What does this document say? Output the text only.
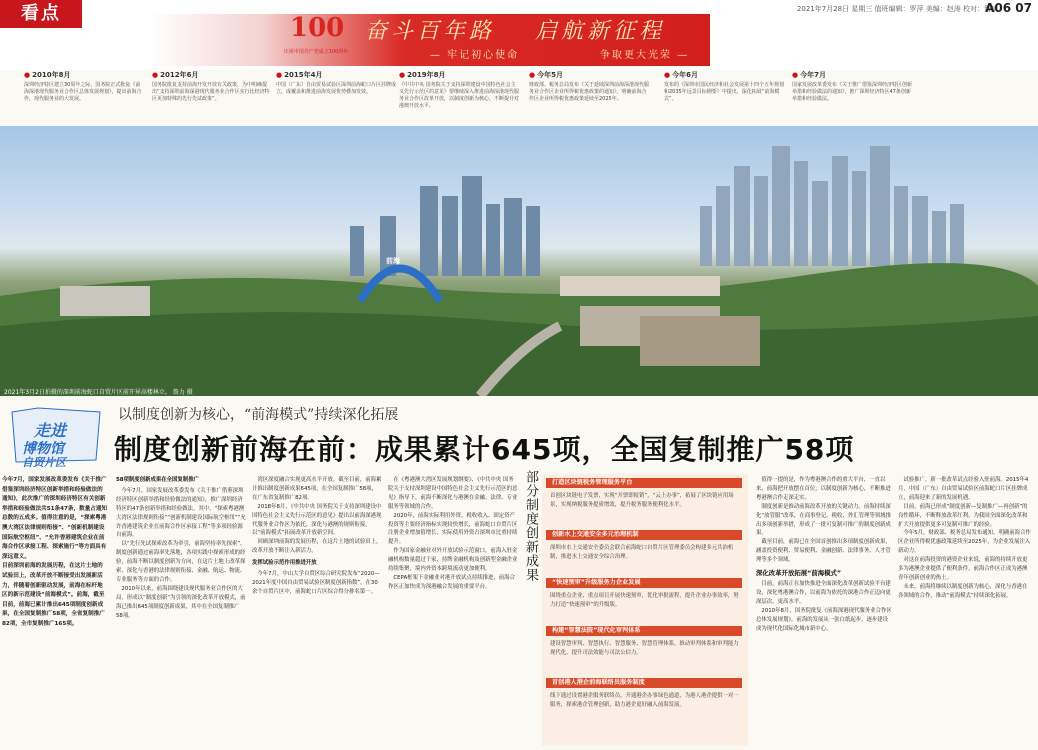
看点	100
庆祝中国共产党成立100周年
奋斗百年路 启航新征程
— 牢记初心使命	争取更大光荣 —
2021年7月28日 星期三 值班编辑：罗萍 美编：赵涛 校对：智斌
A06 07
● 2010年8月
深圳经济特区建立30周年之际，国务院正式批复《前海深港现代服务业合作区总体发展规划》，提出前海合作，现代服务业的大发展。
● 2012年6月
国务院批复支持前海开发开放有关政策，为中明确提出“支持深圳前海深港现代服务业合作区实行比经济特区更加特殊的先行先试政策”。
● 2015年4月
中国（广东）自由贸易试验区深圳前海蛇口片区挂牌成立，成覆盖和推进前海发展优势叠加发效。
● 2019年8月
《中共中央 国务院关于支持深圳建设中国特色社会主义先行示范区的意见》要继续深入推进前海深港现代服务业合作区改革开放，以制度创新为核心，不断提升对港澳开放水平。
● 今年5月
财政部、税务总局发布《关于延续深圳前海深港现代服务业合作区企业所得税优惠政策的通知》，明确前海合作区企业所得税优惠政策延续至2025年。
● 今年6月
发布的《深圳市国民经济和社会发展第十四个五年规划和2035年远景目标纲要》中提出，深化拓展“前海模式”。
● 今年7月
国家发展改革委发布《关于推广借鉴深圳经济特区创新举措和经验做法的通知》，推广深圳经济特区47条创新举措和经验做法。
2021年3月2日拍摄的深圳前海蛇口自贸片区前开异高楼林立。 詹力 摄
前海
走进
博物馆
自贸片区

今年7月，国家发展改革委发布《关于推广借鉴深圳经济特区创新举措和经验做法的通知》，此次推广的深圳经济特区有关创新举措和经验做法共51条47条，数量占通知总数的五成多。值得注意的是，“探索粤港澳大湾区法律规则衔接”、“创新机制建设国际航空枢纽”、“允许香港建筑企业在前海合作区承接工程、探索施行”等方面具有深远意义。

目前深圳前海的发展历程，在这片土地的试验田上，改革开放不断接受出发展新活力，伴随着创新驱动发展，前海在标杆地区的新示范建设“前海模式”。前海，截至目前，前海已累计推出645项制度创新成果，在全国复制推广58项，全省复制推广82项，全市复制推广165项。

以制度创新为核心，“前海模式”持续深化拓展
制度创新前海在前：成果累计645项，全国复制推广58项

58项制度创新成果在全国复制推广

今年7月，国家发展改革委发布《关于推广借鉴深圳经济特区创新举措和经验做法的通知》，推广深圳经济特区的47条创新举措和经验做法。其中，“探索粤港澳大湾区法律规则衔接”“创新机制建设国际航空枢纽”“允许香港建筑企业在前海合作区承接工程”等多项经验源自前海。

以“先行先试探索改革为牵引，前海坚持率先探索”。制度创新通过前海率先落地，各项实践中探索形成的经验，前海不断以制度创新为方向，在这片土地上改革探索，深化与香港的法律规则衔接、金融、航运、物流、专业服务等方面的合作。

2010年以来，前海围绕建设现代服务业合作区的大局，形成以“制度创新”为引领的深化改革开放模式，前海已推出645项制度创新成果，其中在全国复制推广58项。

湾区深度融合实现更高水平开放。截至目前，前海累计推出制度创新成果645项，在全国复制推广58项，在广东省复制推广82项。

2018年8月，《中共中央 国务院关于支持深圳建设中国特色社会主义先行示范区的意见》提出以前海深港现代服务业合作区为依托，深化与港澳的规则衔接，以“前海模式”拓展改革开放新空间。

回顾深圳前海的发展历程，在这片土地的试验田上，改革开放不断注入新活力。

发挥试验示范作用推进开放

今年7月，中山大学自贸区综合研究院发布“2020—2021年度中国自由贸易试验区制度创新指数”，在30余个自贸片区中，前海蛇口片区综合得分排名第一。

在《粤港澳大湾区发展规划纲要》、《中共中央 国务院关于支持深圳建设中国特色社会主义先行示范区的意见》指导下，前海不断深化与港澳在金融、法律、专业服务等领域的合作。

2020年，前海实际利用外资、税收收入、固定资产投资等主要经济指标实现较快增长，前海蛇口自贸片区注册企业增加值增长，实际使用外资占深圳市比重持续提升。

作为国家金融业对外开放试验示范窗口，前海入驻金融机构数量超过千家，持牌金融机构及创新型金融企业持续集聚，境内外资本跨境流动更加便利。

CEPA框架下金融业对港开放试点持续推进，前海合作区正加快成为深港融合发展的重要平台。

部分制度创新成果	打造区块链税务管理服务平台
首创区块链电子发票，实现“开票即报销”，“云上办事”，拓展了区块链应用场景，实现纳税服务提质增效，提升税务服务便利化水平。
创新水上交通安全多元治理机制
深圳市水上交通安全委员会联合前海蛇口自贸片区管理委员会构建多元共治机制，推进水上交通安全综合治理。
“快速预审”升级服务力企业发展
围绕重点企业、重点项目开展快速预审，优化审批流程，提升企业办事效率，努力打造“快速预审”的升级版。
构建“智慧法院”现代化审判体系
建设智慧审判、智慧执行、智慧服务、智慧管理体系，推动审判体系和审判能力现代化，提升司法效能与司法公信力。
首创港人港企前海联络员服务制度
线下通过设置港企服务联络员，开通港企办事绿色通道，为港人港企提供一对一服务，探索港企管理创新，助力港企更好融入前海发展。

值得一提的是，作为粤港澳合作的重大平台，一直以来，前海把开放摆在首位，以制度创新为核心，不断推进粤港澳合作走深走实。

制度创新是推动前海改革开放的关键动力。前海持续深化“放管服”改革，在商事登记、税收、外汇管理等领域推出多项创新举措，形成了一批可复制可推广的制度创新成果。

截至目前，前海已在全国首创推出多项制度创新成果，涵盖投资便利、贸易便利、金融创新、法律事务、人才管理等多个领域。

深化改革开放拓展“前海模式”

目前，前海正在加快推进全面深化改革创新试验平台建设，深化粤港澳合作，以前海为依托的深港合作正迈向更深层次、更高水平。

2010年8月，国务院批复《前海深港现代服务业合作区总体发展规划》。前海的发展从一张白纸起步，逐步建设成为现代化国际化城市新中心。

试验推广，新一批改革试点经验入驻前海。2015年4月，中国（广东）自由贸易试验区前海蛇口片区挂牌成立，前海迎来了新的发展机遇。

目前，前海已形成“制度创新—复制推广—再创新”的良性循环，不断释放改革红利，为我国全面深化改革和扩大开放提供更多可复制可推广的经验。

今年5月，财政部、税务总局发布通知，明确前海合作区企业所得税优惠政策延续至2025年，为企业发展注入新动力。

对这在前海投资的港资企业来说，前海的持续开放更多为港澳企业提供了便利条件，前海合作区正成为港澳青年创新创业的热土。

未来，前海将继续以制度创新为核心，深化与香港在各领域的合作，推动“前海模式”持续深化拓展。
